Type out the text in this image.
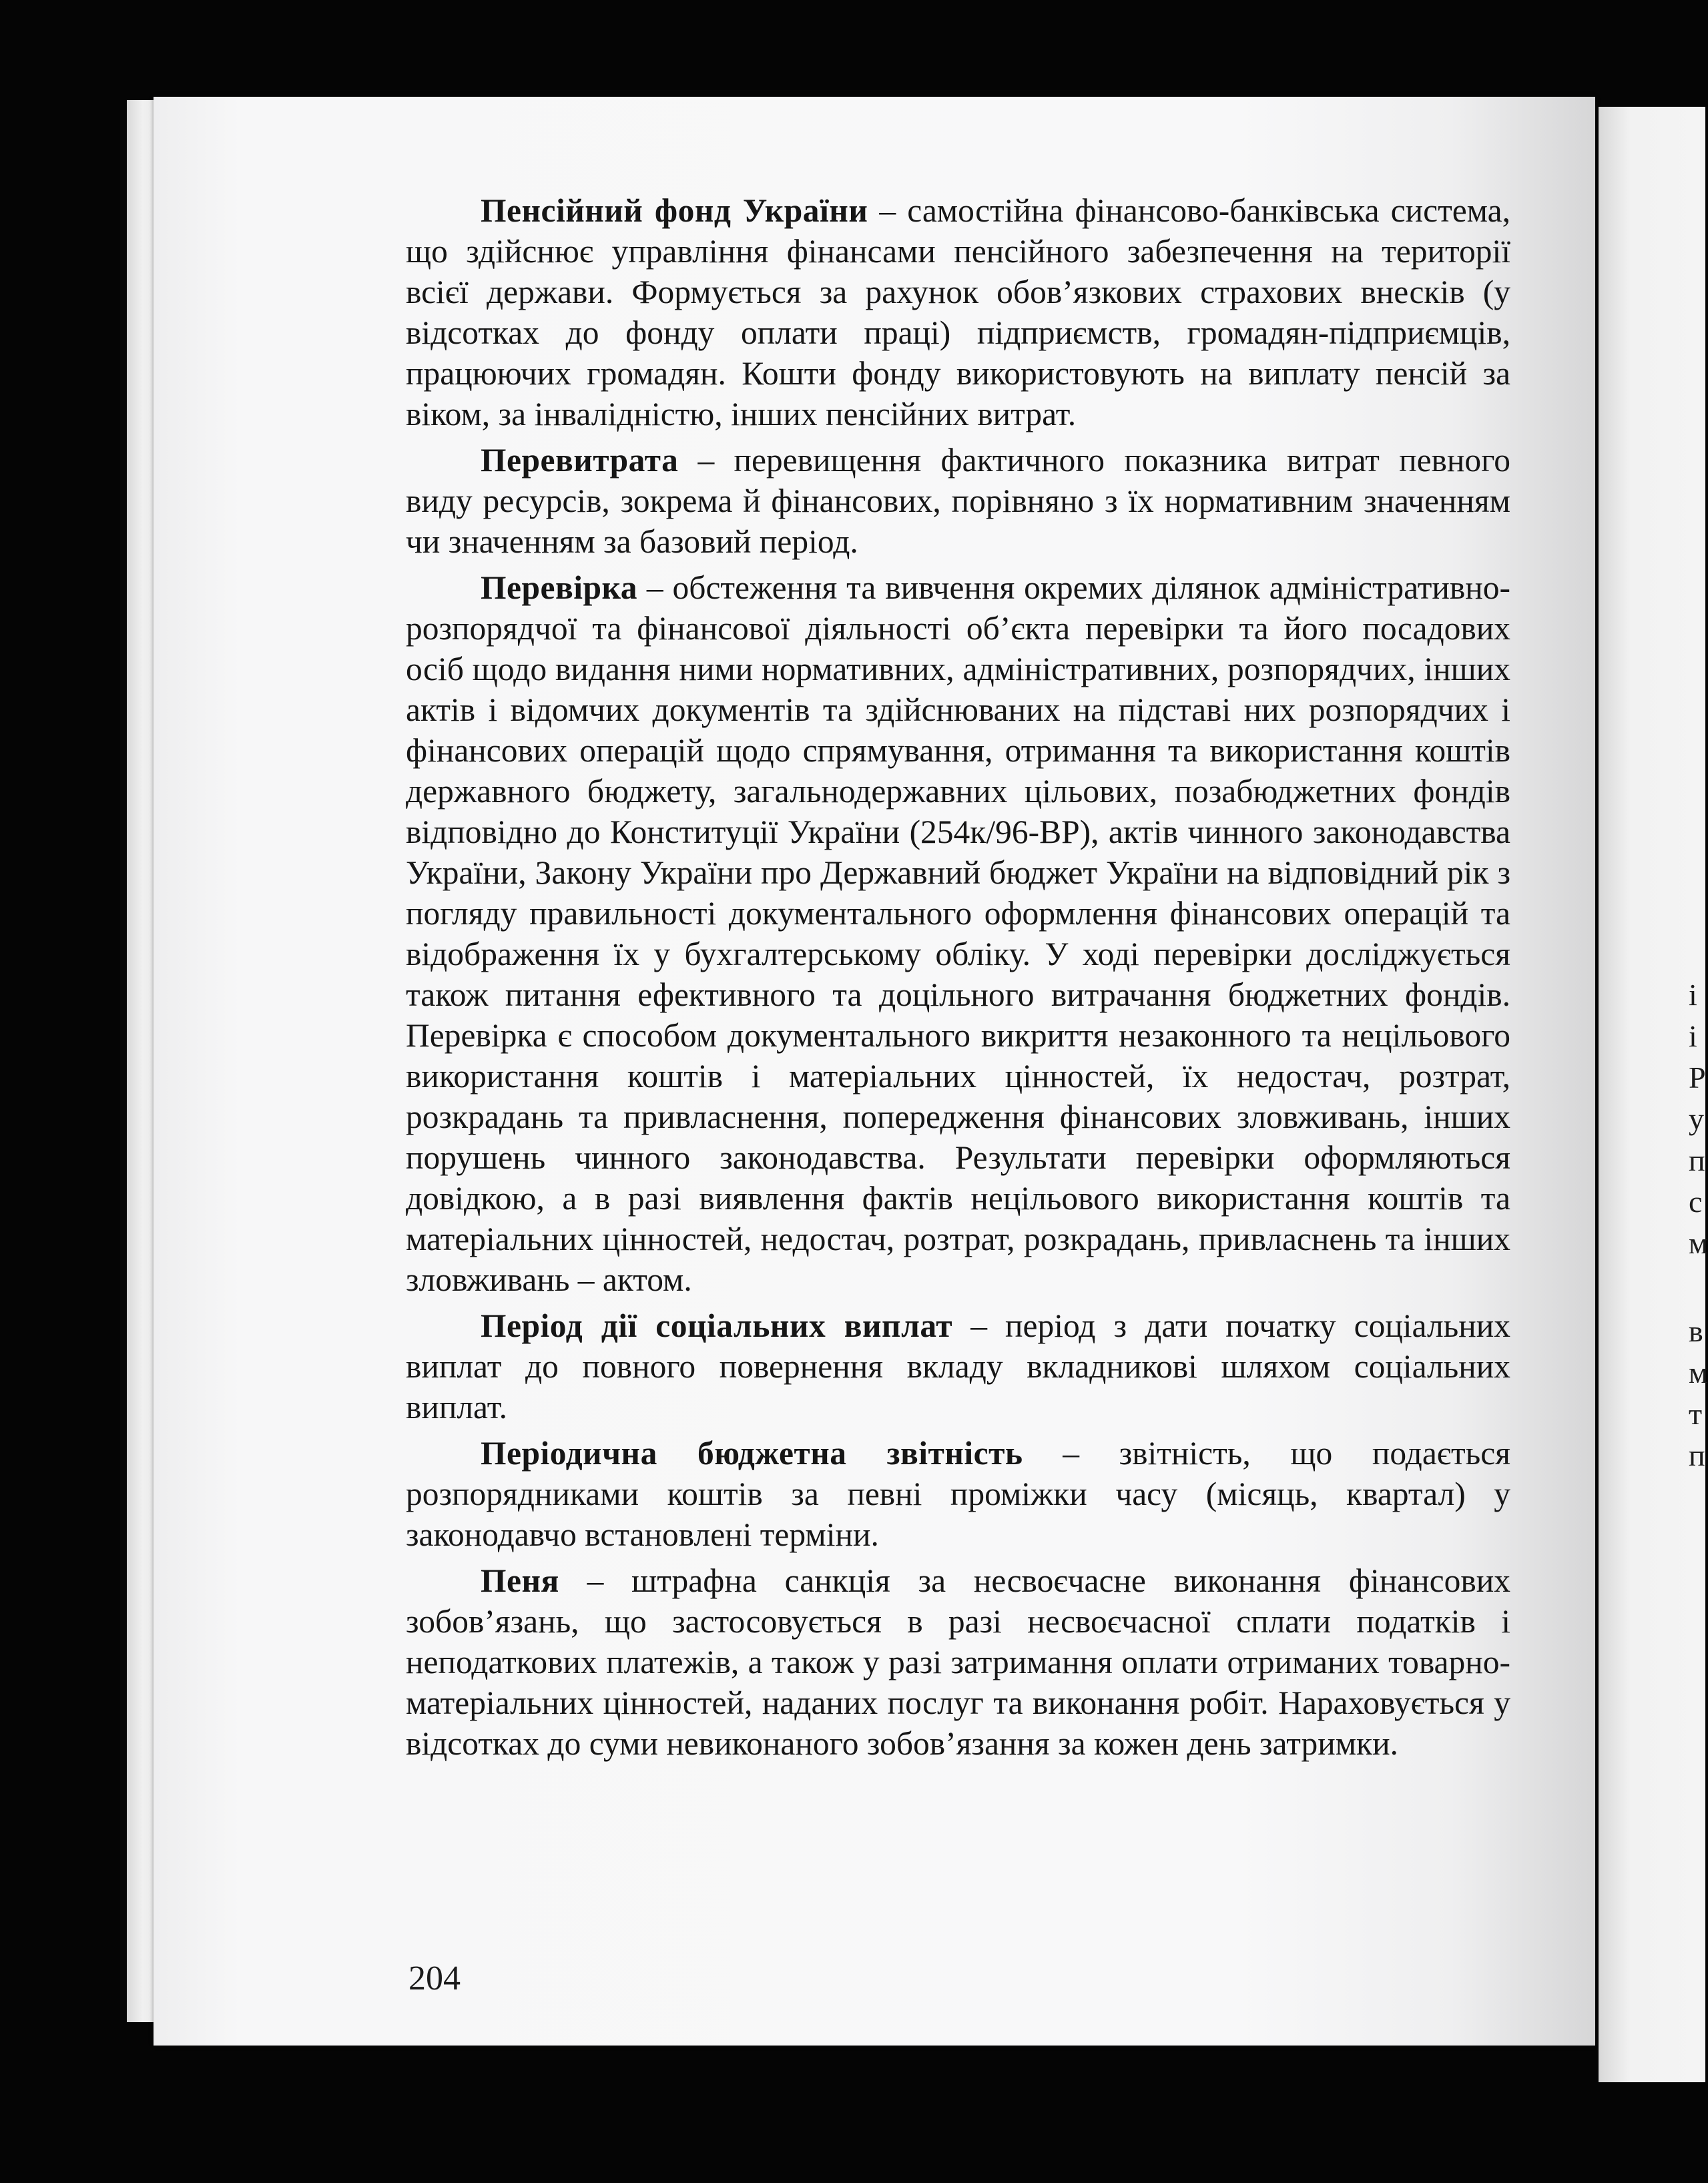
і
і
Р
у
п
с
м
в
м
т
п

Пенсійний фонд України – самостійна фінансово-банківська система, що здійснює управління фінансами пенсійного забезпечення на території всієї держави. Формується за рахунок обов’язкових страхових внесків (у відсотках до фонду оплати праці) підприємств, громадян-підприємців, працюючих громадян. Кошти фонду використовують на виплату пенсій за віком, за інвалідністю, інших пенсійних витрат.

Перевитрата – перевищення фактичного показника витрат певного виду ресурсів, зокрема й фінансових, порівняно з їх нормативним значенням чи значенням за базовий період.

Перевірка – обстеження та вивчення окремих ділянок адміністративно-розпорядчої та фінансової діяльності об’єкта перевірки та його посадових осіб щодо видання ними нормативних, адміністративних, розпорядчих, інших актів і відомчих документів та здійснюваних на підставі них розпорядчих і фінансових операцій щодо спрямування, отримання та використання коштів державного бюджету, загальнодержавних цільових, позабюджетних фондів відповідно до Конституції України (254к/96-ВР), актів чинного законодавства України, Закону України про Державний бюджет України на відповідний рік з погляду правильності документального оформлення фінансових операцій та відображення їх у бухгалтерському обліку. У ході перевірки досліджується також питання ефективного та доцільного витрачання бюджетних фондів. Перевірка є способом документального викриття незаконного та нецільового використання коштів і матеріальних цінностей, їх недостач, розтрат, розкрадань та привласнення, попередження фінансових зловживань, інших порушень чинного законодавства. Результати перевірки оформляються довідкою, а в разі виявлення фактів нецільового використання коштів та матеріальних цінностей, недостач, розтрат, розкрадань, привласнень та інших зловживань – актом.

Період дії соціальних виплат – період з дати початку соціальних виплат до повного повернення вкладу вкладникові шляхом соціальних виплат.

Періодична бюджетна звітність – звітність, що подається розпорядниками коштів за певні проміжки часу (місяць, квартал) у законодавчо встановлені терміни.

Пеня – штрафна санкція за несвоєчасне виконання фінансових зобов’язань, що застосовується в разі несвоєчасної сплати податків і неподаткових платежів, а також у разі затримання оплати отриманих товарно-матеріальних цінностей, наданих послуг та виконання робіт. Нараховується у відсотках до суми невиконаного зобов’язання за кожен день затримки.

204
